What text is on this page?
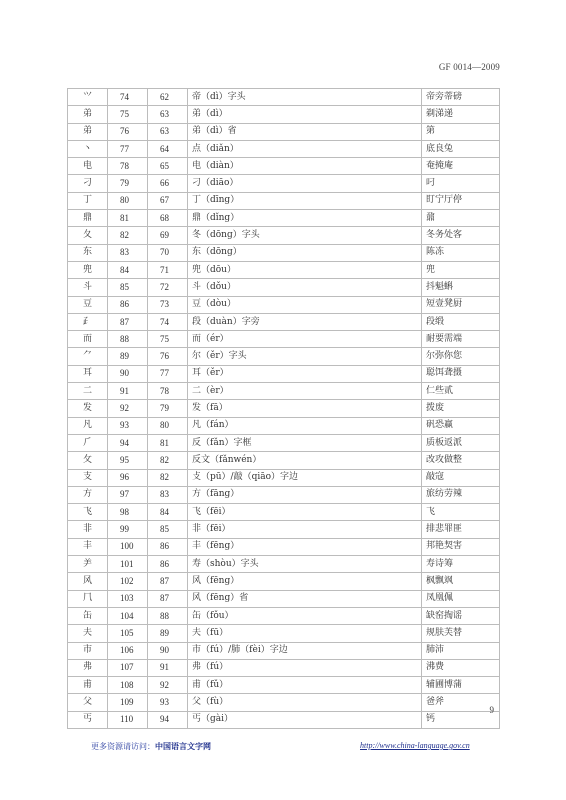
GF 0014—2009
⺍	74	62	帝（dì）字头	帝旁蒂磅
弟	75	63	弟（dì）	剃涕递
弟	76	63	弟（dì）省	第
丶	77	64	点（diǎn）	底良兔
电	78	65	电（diàn）	奄掩庵
刁	79	66	刁（diāo）	叼
丁	80	67	丁（dīng）	盯宁厅停
鼎	81	68	鼎（dǐng）	鼐
夂	82	69	冬（dōng）字头	冬务处客
东	83	70	东（dōng）	陈冻
兜	84	71	兜（dōu）	兜
斗	85	72	斗（dǒu）	抖魁蝌
豆	86	73	豆（dòu）	短壹凳厨
⺪	87	74	段（duàn）字旁	段缎
而	88	75	而（ér）	耐要需端
⺈	89	76	尔（ěr）字头	尔弥你您
耳	90	77	耳（ěr）	聪饵聋摄
二	91	78	二（èr）	仁些贰
发	92	79	发（fā）	拨废
凡	93	80	凡（fán）	矾恐赢
⺁	94	81	反（fǎn）字框	质板返派
攵	95	82	反文（fǎnwén）	改攻做整
支	96	82	攴（pū）/敲（qiāo）字边	敲寇
方	97	83	方（fāng）	旅纺劳辣
飞	98	84	飞（fēi）	飞
非	99	85	非（fēi）	排悲罪匪
丰	100	86	丰（fēng）	邦艳契害
⺶	101	86	寿（shòu）字头	寿诗筹
风	102	87	风（fēng）	枫飘飒
⺇	103	87	风（fēng）省	凤凰佩
缶	104	88	缶（fǒu）	缺窑掏谣
夫	105	89	夫（fū）	规肤芙替
市	106	90	市（fú）/肺（fèi）字边	肺沛
弗	107	91	弗（fú）	沸费
甫	108	92	甫（fǔ）	辅圃博蒲
父	109	93	父（fù）	爸斧
丐	110	94	丐（gài）	钙
9
更多资源请访问：中国语言文字网	http://www.china-language.gov.cn
